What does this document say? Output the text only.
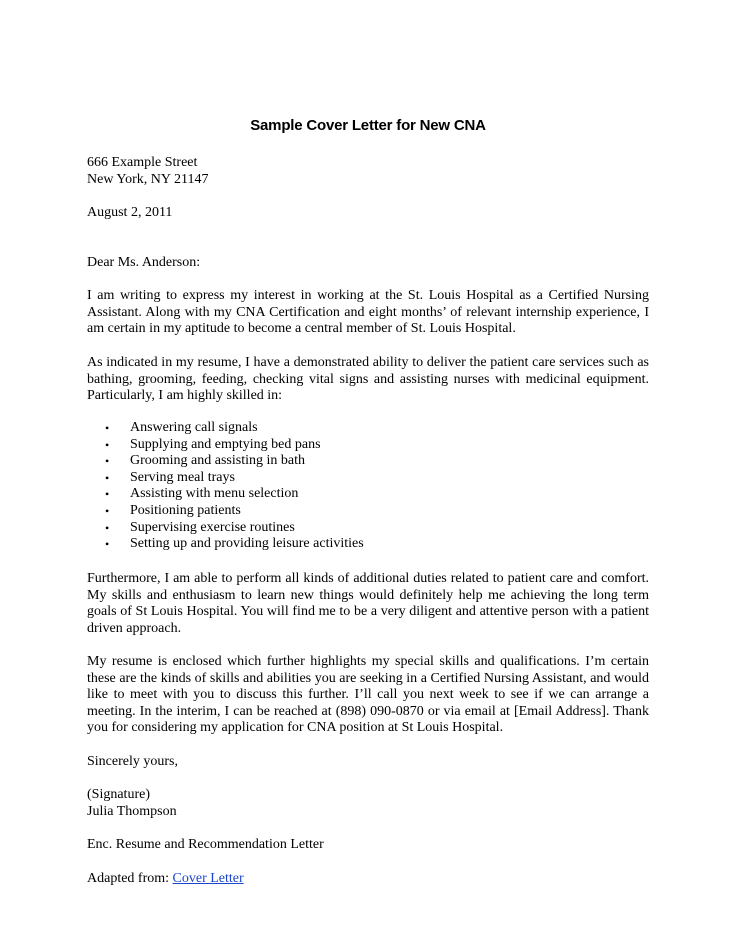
Sample Cover Letter for New CNA
666 Example Street
New York, NY 21147
August 2, 2011
Dear Ms. Anderson:
I am writing to express my interest in working at the St. Louis Hospital as a Certified Nursing Assistant. Along with my CNA Certification and eight months’ of relevant internship experience, I am certain in my aptitude to become a central member of St. Louis Hospital.
As indicated in my resume, I have a demonstrated ability to deliver the patient care services such as bathing, grooming, feeding, checking vital signs and assisting nurses with medicinal equipment. Particularly, I am highly skilled in:
• Answering call signals
• Supplying and emptying bed pans
• Grooming and assisting in bath
• Serving meal trays
• Assisting with menu selection
• Positioning patients
• Supervising exercise routines
• Setting up and providing leisure activities
Furthermore, I am able to perform all kinds of additional duties related to patient care and comfort. My skills and enthusiasm to learn new things would definitely help me achieving the long term goals of St Louis Hospital. You will find me to be a very diligent and attentive person with a patient driven approach.
My resume is enclosed which further highlights my special skills and qualifications. I’m certain these are the kinds of skills and abilities you are seeking in a Certified Nursing Assistant, and would like to meet with you to discuss this further. I’ll call you next week to see if we can arrange a meeting. In the interim, I can be reached at (898) 090-0870 or via email at [Email Address]. Thank you for considering my application for CNA position at St Louis Hospital.
Sincerely yours,
(Signature)
Julia Thompson
Enc. Resume and Recommendation Letter
Adapted from: Cover Letter
